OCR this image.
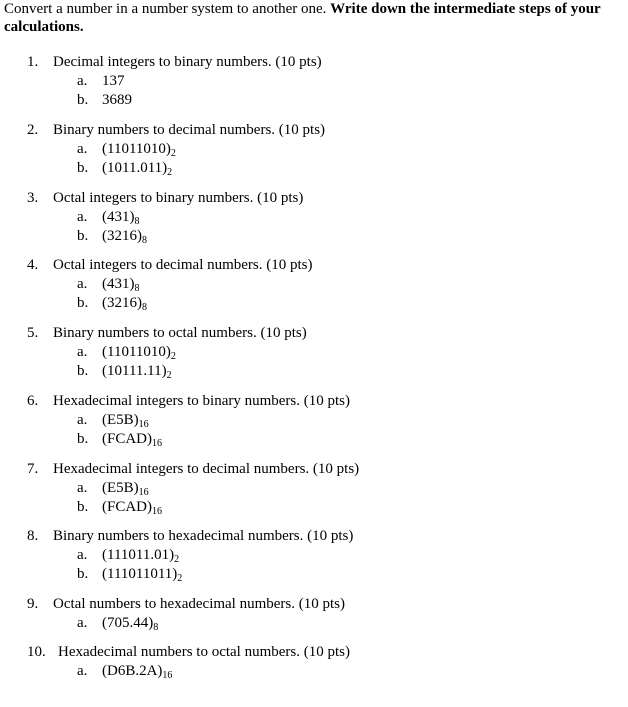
Convert a number in a number system to another one. Write down the intermediate steps of your calculations.

1. Decimal integers to binary numbers. (10 pts)
a. 137
b. 3689
2. Binary numbers to decimal numbers. (10 pts)
a. $(11011010)_2$
b. $(1011.011)_2$
3. Octal integers to binary numbers. (10 pts)
a. $(431)_8$
b. $(3216)_8$
4. Octal integers to decimal numbers. (10 pts)
a. $(431)_8$
b. $(3216)_8$
5. Binary numbers to octal numbers. (10 pts)
a. $(11011010)_2$
b. $(10111.11)_2$
6. Hexadecimal integers to binary numbers. (10 pts)
a. $(E5B)_{16}$
b. $(FCAD)_{16}$
7. Hexadecimal integers to decimal numbers. (10 pts)
a. $(E5B)_{16}$
b. $(FCAD)_{16}$
8. Binary numbers to hexadecimal numbers. (10 pts)
a. $(111011.01)_2$
b. $(111011011)_2$
9. Octal numbers to hexadecimal numbers. (10 pts)
a. $(705.44)_8$
10. Hexadecimal numbers to octal numbers. (10 pts)
a. $(D6B.2A)_{16}$
